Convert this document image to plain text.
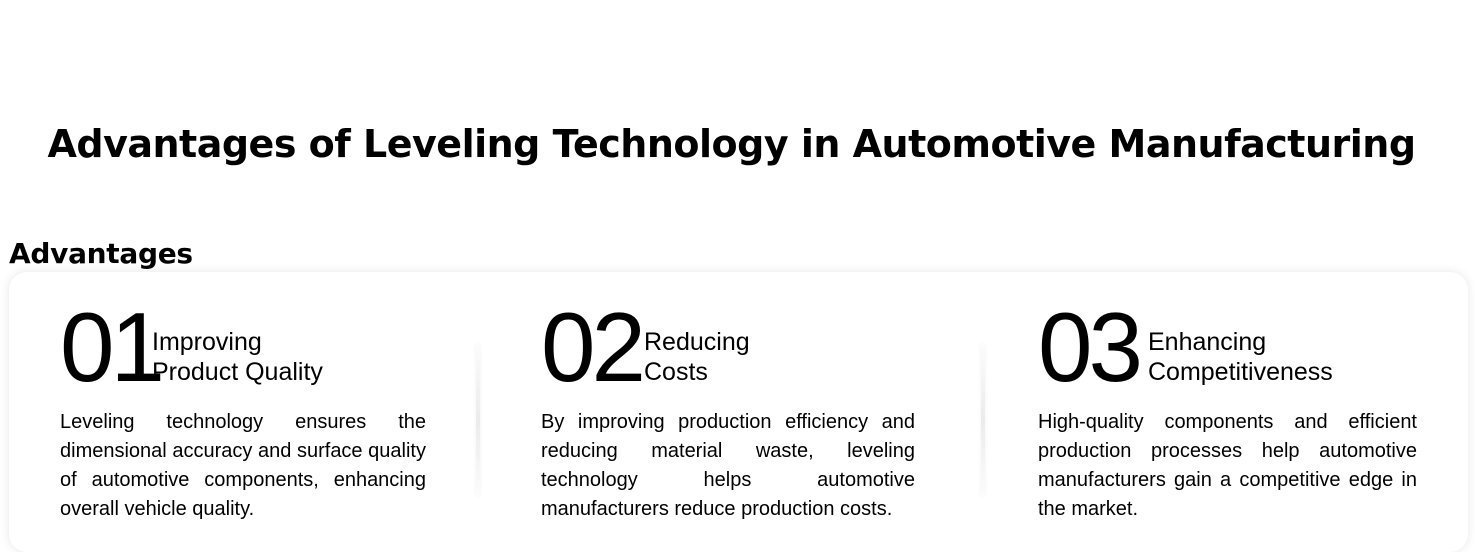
Advantages of Leveling Technology in Automotive Manufacturing
Advantages
01
Improving
Product Quality
Leveling technology ensures the dimensional accuracy and surface quality of automotive components, enhancing overall vehicle quality.
02 Reducing
Costs
By improving production efficiency and reducing material waste, leveling technology helps automotive manufacturers reduce production costs.
03 Enhancing
Competitiveness
High-quality components and efficient production processes help automotive manufacturers gain a competitive edge in the market.
